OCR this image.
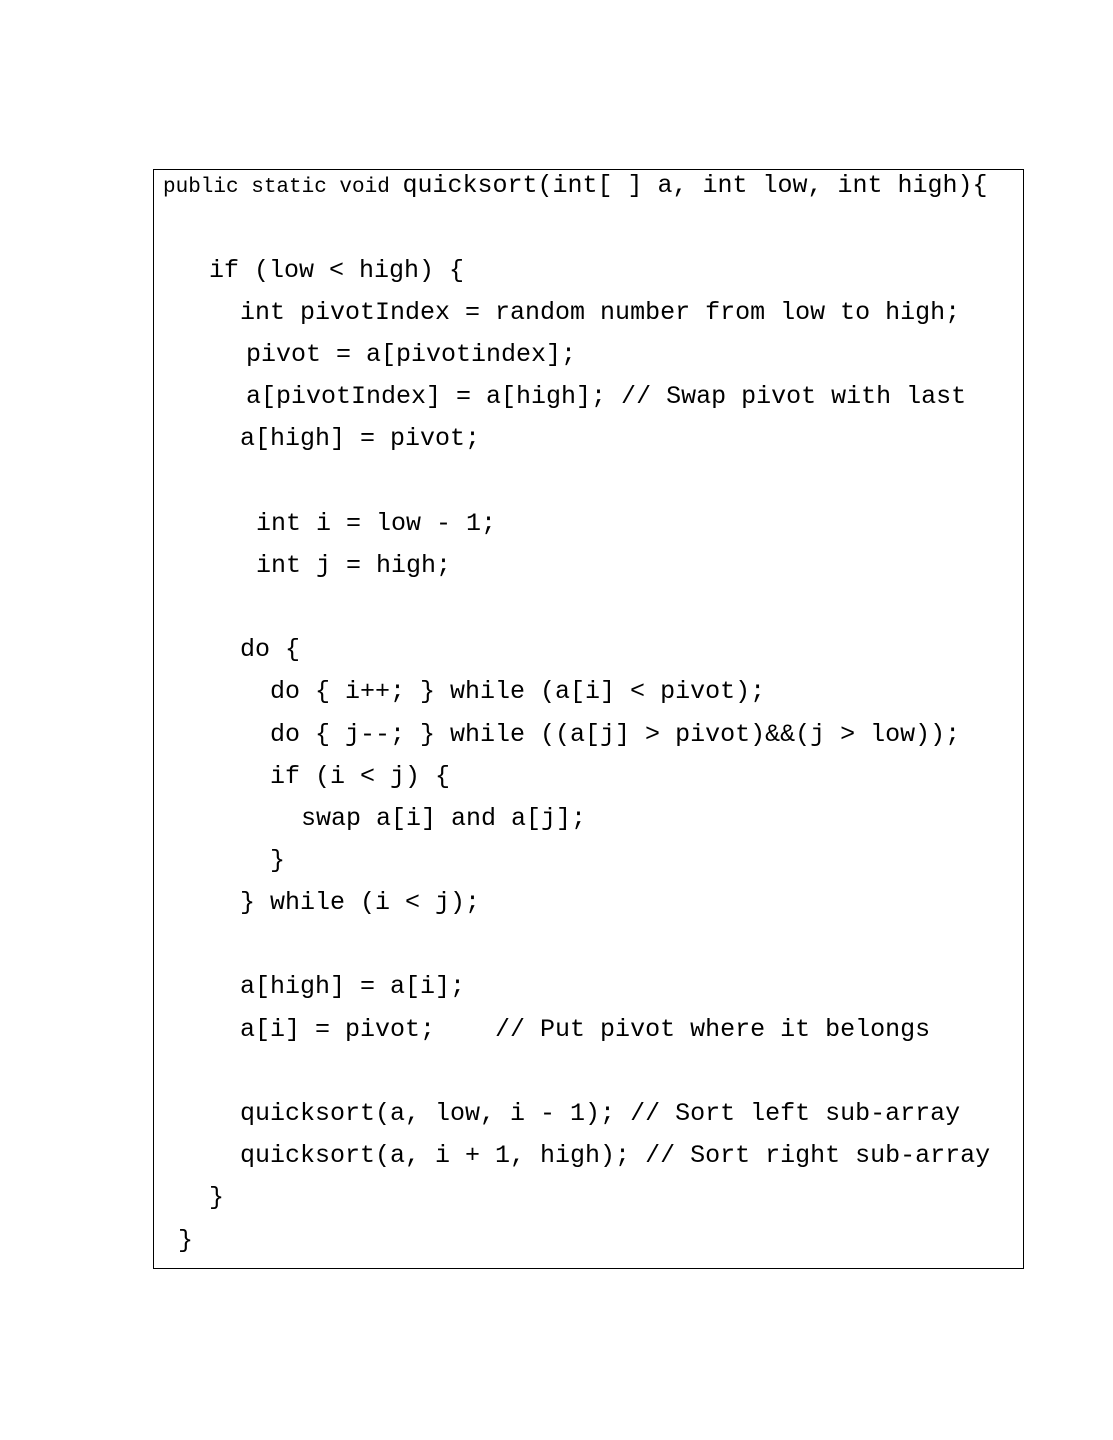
public static void quicksort(int[ ] a, int low, int high){
if (low < high) {
int pivotIndex = random number from low to high;
pivot = a[pivotindex];
a[pivotIndex] = a[high]; // Swap pivot with last
a[high] = pivot;
int i = low - 1;
int j = high;
do {
do { i++; } while (a[i] < pivot);
do { j--; } while ((a[j] > pivot)&&(j > low));
if (i < j) {
swap a[i] and a[j];
}
} while (i < j);
a[high] = a[i];
a[i] = pivot;    // Put pivot where it belongs
quicksort(a, low, i - 1); // Sort left sub-array
quicksort(a, i + 1, high); // Sort right sub-array
}
}
